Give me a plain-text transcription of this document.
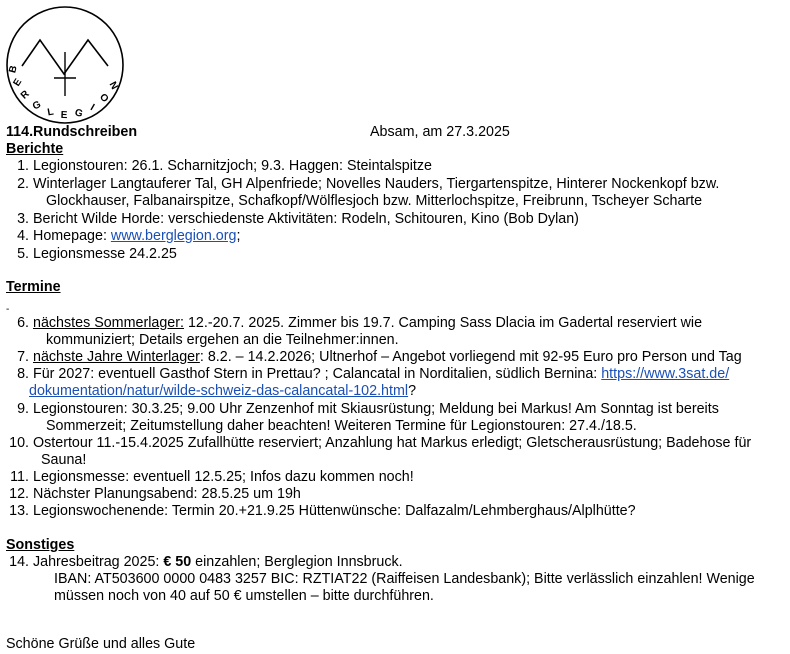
B
E
R
G
L E G I
O
N
114.Rundschreiben	Absam, am 27.3.2025
Berichte
1. Legionstouren: 26.1. Scharnitzjoch; 9.3. Haggen: Steintalspitze
2. Winterlager Langtauferer Tal, GH Alpenfriede; Novelles Nauders, Tiergartenspitze, Hinterer Nockenkopf bzw.
Glockhauser, Falbanairspitze, Schafkopf/Wölflesjoch bzw. Mitterlochspitze, Freibrunn, Tscheyer Scharte
3. Bericht Wilde Horde: verschiedenste Aktivitäten: Rodeln, Schitouren, Kino (Bob Dylan)
4. Homepage: www.berglegion.org;
5. Legionsmesse 24.2.25
Termine
-
6. nächstes Sommerlager: 12.-20.7. 2025. Zimmer bis 19.7. Camping Sass Dlacia im Gadertal reserviert wie
kommuniziert; Details ergehen an die Teilnehmer:innen.
7. nächste Jahre Winterlager: 8.2. – 14.2.2026; Ultnerhof – Angebot vorliegend mit 92-95 Euro pro Person und Tag
8. Für 2027: eventuell Gasthof Stern in Prettau? ; Calancatal in Norditalien, südlich Bernina: https://www.3sat.de/
dokumentation/natur/wilde-schweiz-das-calancatal-102.html?
9. Legionstouren: 30.3.25; 9.00 Uhr Zenzenhof mit Skiausrüstung; Meldung bei Markus! Am Sonntag ist bereits
Sommerzeit; Zeitumstellung daher beachten! Weiteren Termine für Legionstouren: 27.4./18.5.
10. Ostertour 11.-15.4.2025 Zufallhütte reserviert; Anzahlung hat Markus erledigt; Gletscherausrüstung; Badehose für
Sauna!
11. Legionsmesse: eventuell 12.5.25; Infos dazu kommen noch!
12. Nächster Planungsabend: 28.5.25 um 19h
13. Legionswochenende: Termin 20.+21.9.25 Hüttenwünsche: Dalfazalm/Lehmberghaus/Alplhütte?
Sonstiges
14. Jahresbeitrag 2025: € 50 einzahlen; Berglegion Innsbruck.
IBAN: AT503600 0000 0483 3257 BIC: RZTIAT22 (Raiffeisen Landesbank); Bitte verlässlich einzahlen! Wenige
müssen noch von 40 auf 50 € umstellen – bitte durchführen.
Schöne Grüße und alles Gute
